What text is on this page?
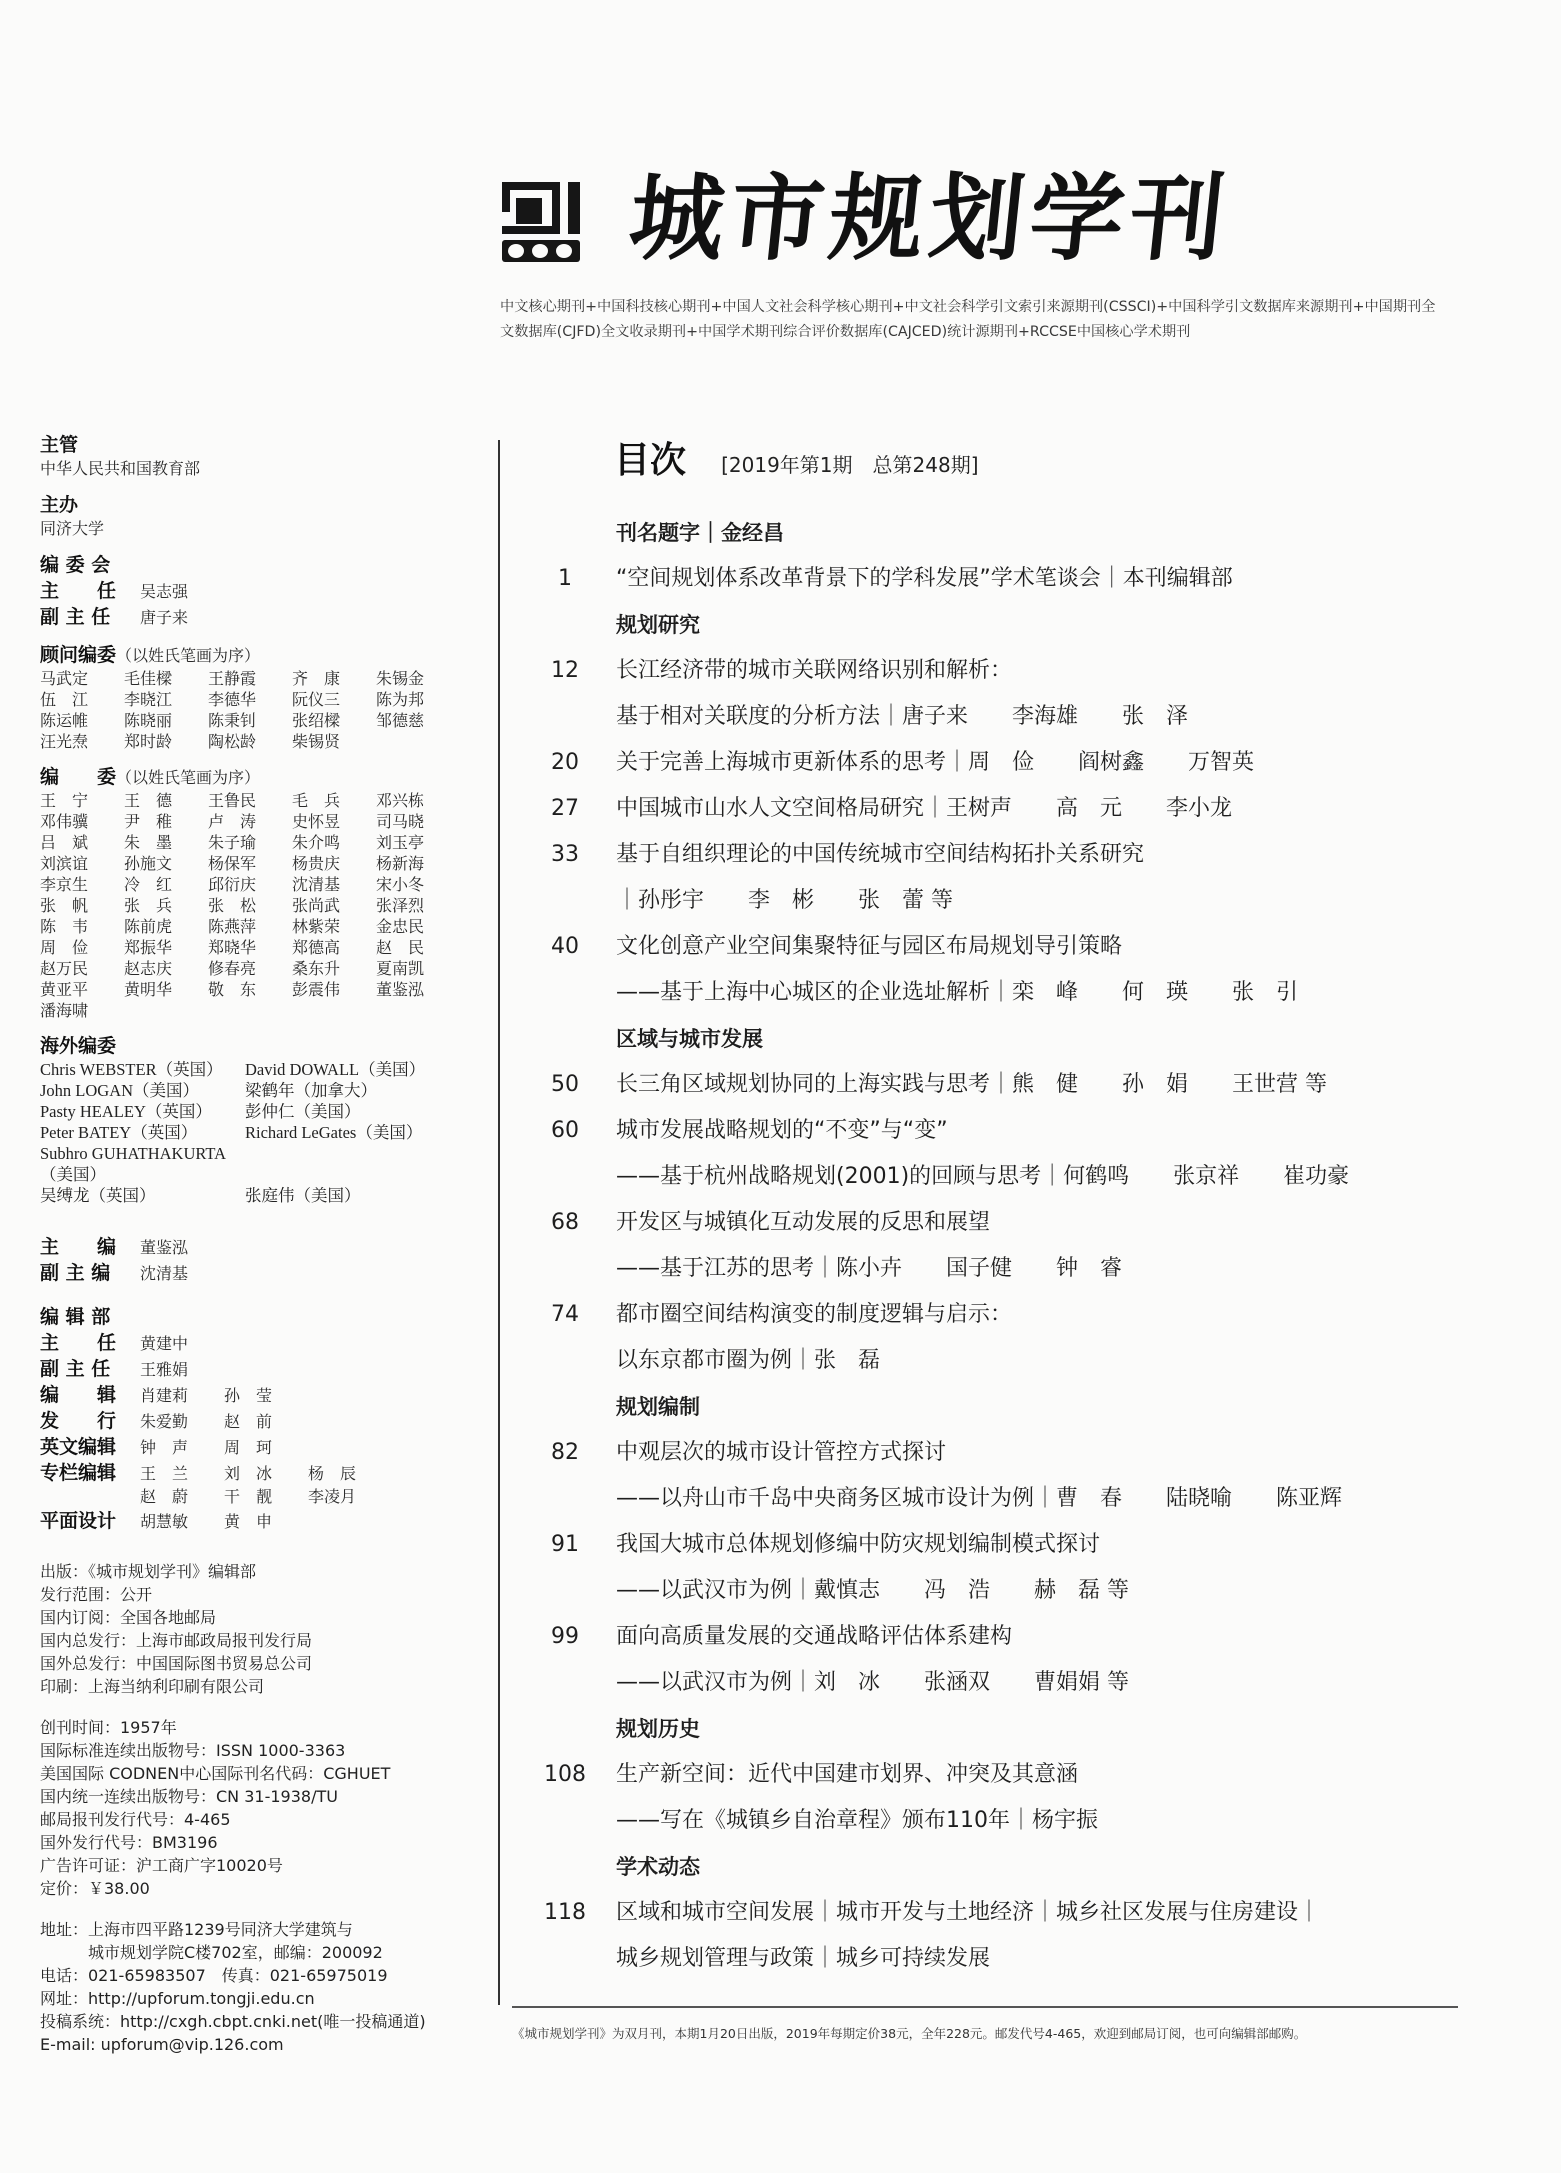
城市规划学刊
中文核心期刊+中国科技核心期刊+中国人文社会科学核心期刊+中文社会科学引文索引来源期刊(CSSCI)+中国科学引文数据库来源期刊+中国期刊全文数据库(CJFD)全文收录期刊+中国学术期刊综合评价数据库(CAJCED)统计源期刊+RCCSE中国核心学术期刊
主管
中华人民共和国教育部
主办
同济大学
编 委 会
主　　任	吴志强
副 主 任	唐子来
顾问编委（以姓氏笔画为序）
马武定	毛佳樑	王静霞	齐　康	朱锡金
伍　江	李晓江	李德华	阮仪三	陈为邦
陈运帷	陈晓丽	陈秉钊	张绍樑	邹德慈
汪光焘	郑时龄	陶松龄	柴锡贤
编　　委（以姓氏笔画为序）
王　宁	王　德	王鲁民	毛　兵	邓兴栋
邓伟骥	尹　稚	卢　涛	史怀昱	司马晓
吕　斌	朱　墨	朱子瑜	朱介鸣	刘玉亭
刘滨谊	孙施文	杨保军	杨贵庆	杨新海
李京生	冷　红	邱衍庆	沈清基	宋小冬
张　帆	张　兵	张　松	张尚武	张泽烈
陈　韦	陈前虎	陈燕萍	林紫荣	金忠民
周　俭	郑振华	郑晓华	郑德高	赵　民
赵万民	赵志庆	修春亮	桑东升	夏南凯
黄亚平	黄明华	敬　东	彭震伟	董鉴泓
潘海啸
海外编委
Chris WEBSTER（英国）	David DOWALL（美国）
John LOGAN（美国）	梁鹤年（加拿大）
Pasty HEALEY（英国）	彭仲仁（美国）
Peter BATEY（英国）	Richard LeGates（美国）
Subhro GUHATHAKURTA（美国）
吴缚龙（英国）	张庭伟（美国）
主　　编	董鉴泓
副 主 编	沈清基
编 辑 部
主　　任	黄建中
副 主 任	王雅娟
编　　辑	肖建莉 孙　莹
发　　行	朱爱勤 赵　前
英文编辑	钟　声 周　珂
专栏编辑	王　兰 刘　冰 杨　辰
赵　蔚 干　靓 李凌月
平面设计	胡慧敏 黄　申
出版：《城市规划学刊》编辑部
发行范围：公开
国内订阅：全国各地邮局
国内总发行：上海市邮政局报刊发行局
国外总发行：中国国际图书贸易总公司
印刷：上海当纳利印刷有限公司
创刊时间：1957年
国际标准连续出版物号：ISSN 1000-3363
美国国际 CODNEN中心国际刊名代码：CGHUET
国内统一连续出版物号：CN 31-1938/TU
邮局报刊发行代号：4-465
国外发行代号：BM3196
广告许可证：沪工商广字10020号
定价：￥38.00
地址：上海市四平路1239号同济大学建筑与
　　　城市规划学院C楼702室，邮编：200092
电话：021-65983507　传真：021-65975019
网址：http://upforum.tongji.edu.cn
投稿系统：http://cxgh.cbpt.cnki.net(唯一投稿通道)
E-mail: upforum@vip.126.com
目次 [2019年第1期　总第248期]
刊名题字｜金经昌
1	“空间规划体系改革背景下的学科发展”学术笔谈会｜本刊编辑部
规划研究
12	长江经济带的城市关联网络识别和解析：
基于相对关联度的分析方法｜唐子来　　李海雄　　张　泽
20	关于完善上海城市更新体系的思考｜周　俭　　阎树鑫　　万智英
27	中国城市山水人文空间格局研究｜王树声　　高　元　　李小龙
33	基于自组织理论的中国传统城市空间结构拓扑关系研究
｜孙彤宇　　李　彬　　张　蕾 等
40	文化创意产业空间集聚特征与园区布局规划导引策略
——基于上海中心城区的企业选址解析｜栾　峰　　何　瑛　　张　引
区域与城市发展
50	长三角区域规划协同的上海实践与思考｜熊　健　　孙　娟　　王世营 等
60	城市发展战略规划的“不变”与“变”
——基于杭州战略规划(2001)的回顾与思考｜何鹤鸣　　张京祥　　崔功豪
68	开发区与城镇化互动发展的反思和展望
——基于江苏的思考｜陈小卉　　国子健　　钟　睿
74	都市圈空间结构演变的制度逻辑与启示：
以东京都市圈为例｜张　磊
规划编制
82	中观层次的城市设计管控方式探讨
——以舟山市千岛中央商务区城市设计为例｜曹　春　　陆晓喻　　陈亚辉
91	我国大城市总体规划修编中防灾规划编制模式探讨
——以武汉市为例｜戴慎志　　冯　浩　　赫　磊 等
99	面向高质量发展的交通战略评估体系建构
——以武汉市为例｜刘　冰　　张涵双　　曹娟娟 等
规划历史
108	生产新空间：近代中国建市划界、冲突及其意涵
——写在《城镇乡自治章程》颁布110年｜杨宇振
学术动态
118	区域和城市空间发展｜城市开发与土地经济｜城乡社区发展与住房建设｜
城乡规划管理与政策｜城乡可持续发展
《城市规划学刊》为双月刊，本期1月20日出版，2019年每期定价38元，全年228元。邮发代号4-465，欢迎到邮局订阅，也可向编辑部邮购。
